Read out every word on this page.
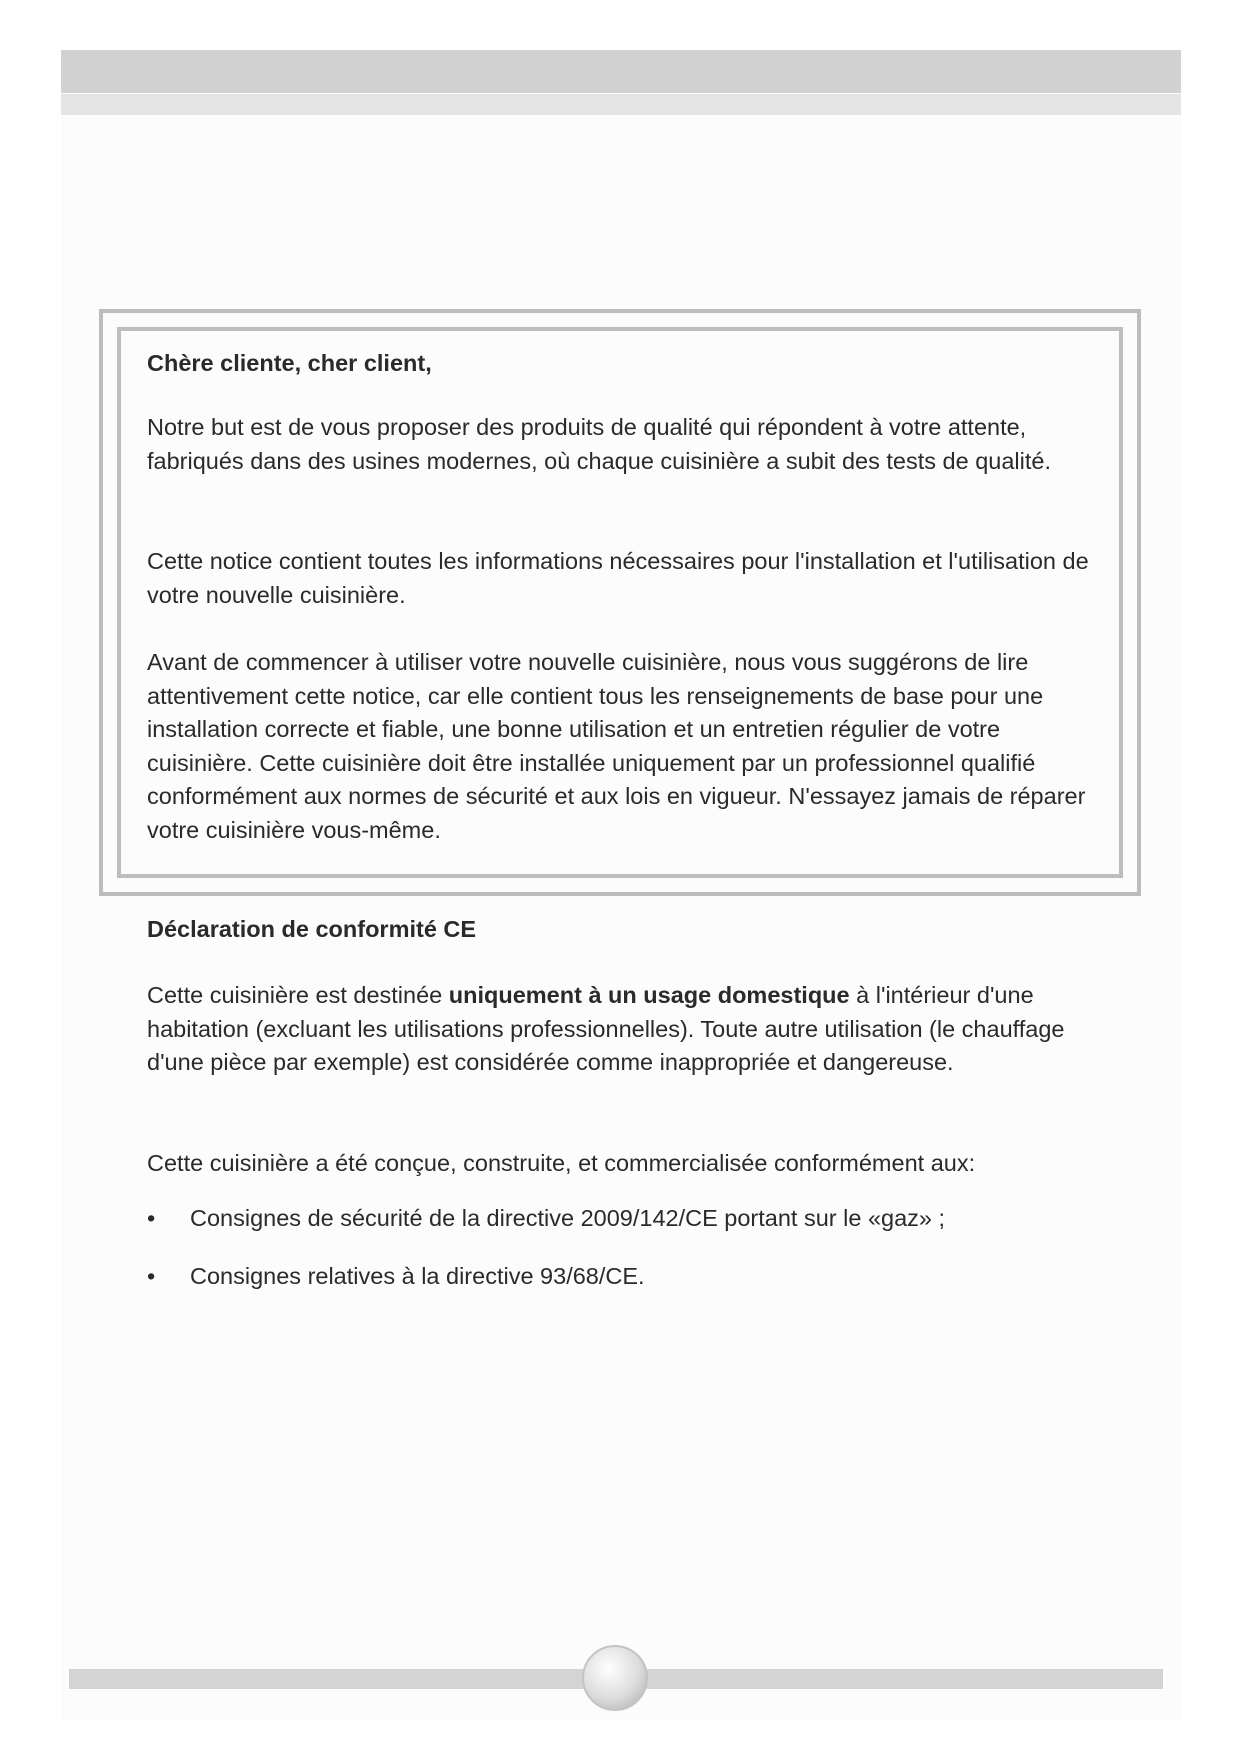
Chère cliente, cher client,

Notre but est de vous proposer des produits de qualité qui répondent à votre attente, fabriqués dans des usines modernes, où chaque cuisinière a subit des tests de qualité.

Cette notice contient toutes les informations nécessaires pour l'installation et l'utilisation de votre nouvelle cuisinière.

Avant de commencer à utiliser votre nouvelle cuisinière, nous vous suggérons de lire attentivement cette notice, car elle contient tous les renseignements de base pour une installation correcte et fiable, une bonne utilisation et un entretien régulier de votre cuisinière. Cette cuisinière doit être installée uniquement par un professionnel qualifié conformément aux normes de sécurité et aux lois en vigueur. N'essayez jamais de réparer votre cuisinière vous-même.

Déclaration de conformité CE

Cette cuisinière est destinée uniquement à un usage domestique à l'intérieur d'une habitation (excluant les utilisations professionnelles). Toute autre utilisation (le chauffage d'une pièce par exemple) est considérée comme inappropriée et dangereuse.

Cette cuisinière a été conçue, construite, et commercialisée conformément aux:

• Consignes de sécurité de la directive 2009/142/CE portant sur le «gaz» ;
• Consignes relatives à la directive 93/68/CE.
